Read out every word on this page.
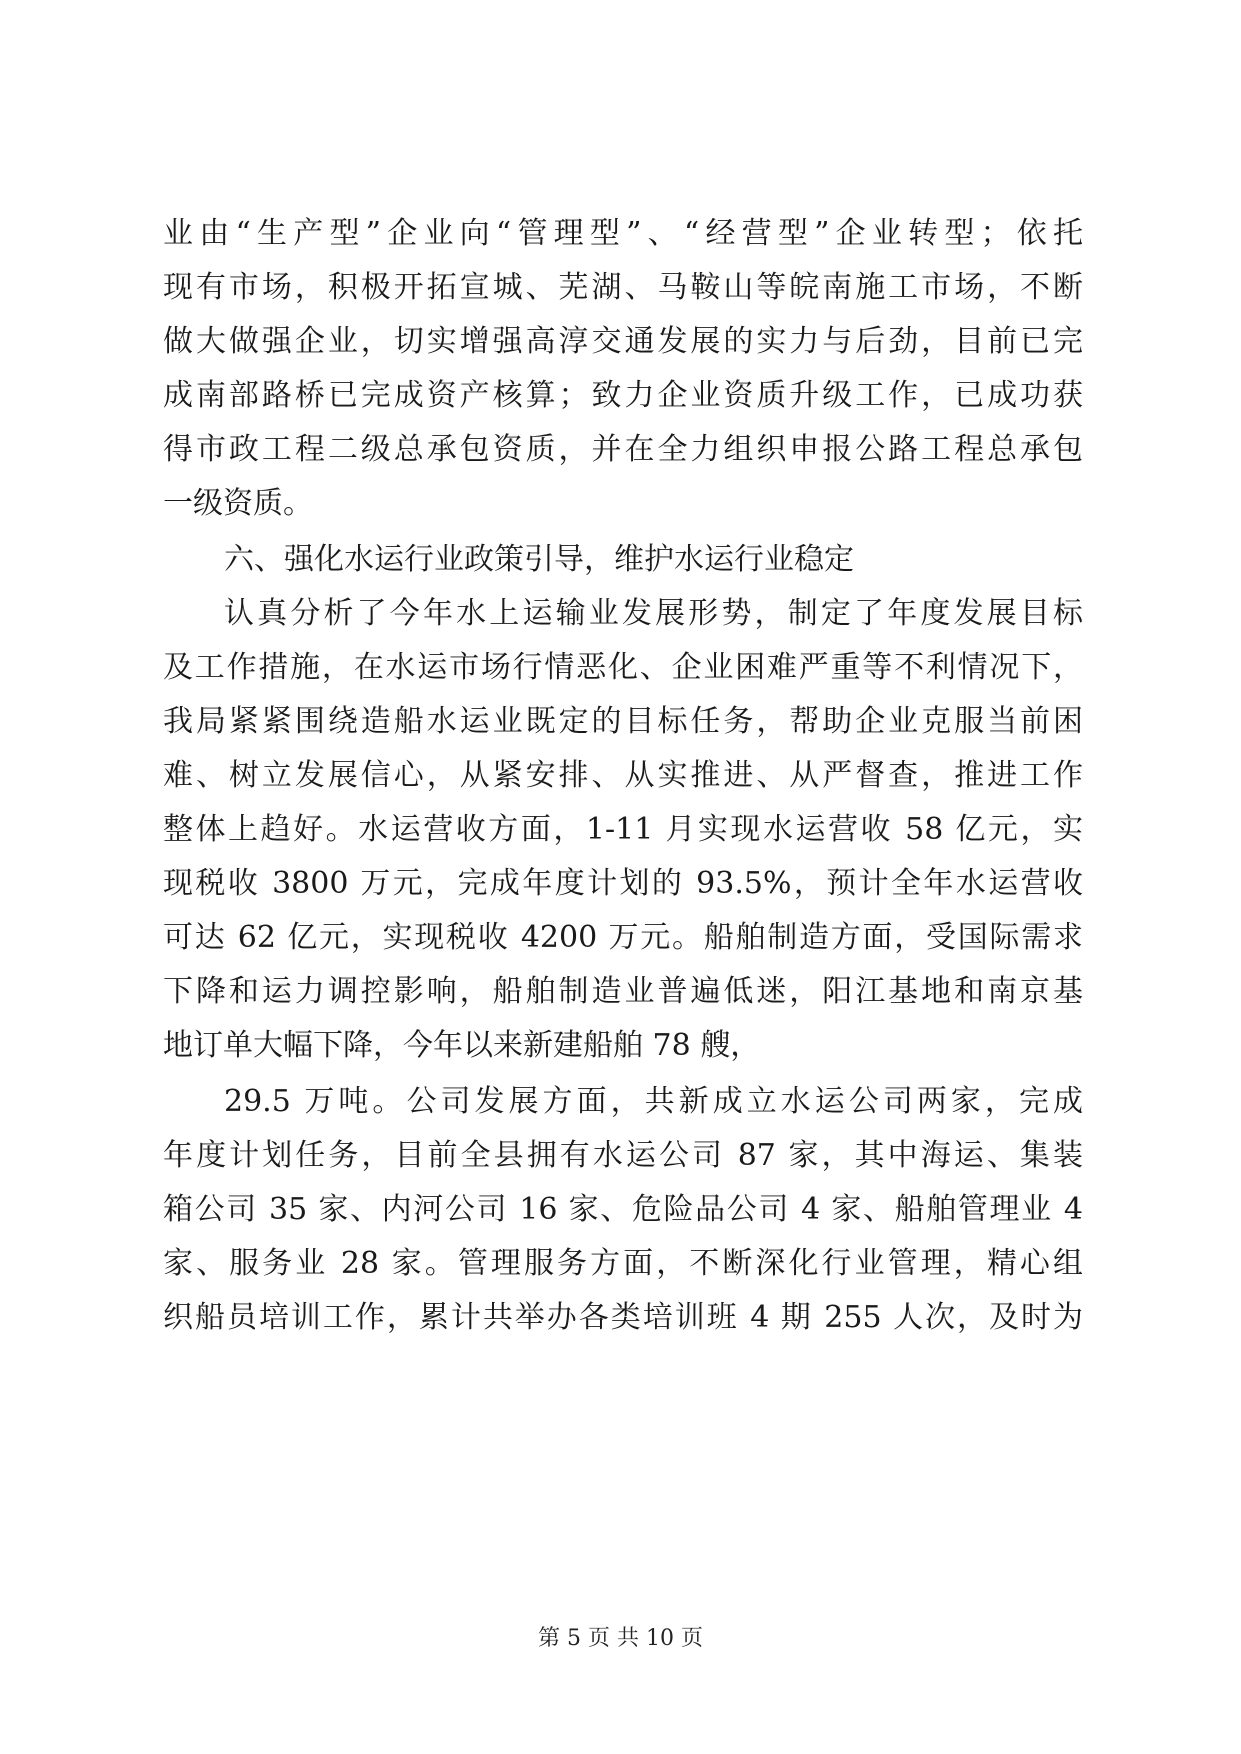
业由“生产型”企业向“管理型”、“经营型”企业转型；依托
现有市场，积极开拓宣城、芜湖、马鞍山等皖南施工市场，不断
做大做强企业，切实增强高淳交通发展的实力与后劲，目前已完
成南部路桥已完成资产核算；致力企业资质升级工作，已成功获
得市政工程二级总承包资质，并在全力组织申报公路工程总承包
一级资质。
六、强化水运行业政策引导，维护水运行业稳定
认真分析了今年水上运输业发展形势，制定了年度发展目标
及工作措施，在水运市场行情恶化、企业困难严重等不利情况下，
我局紧紧围绕造船水运业既定的目标任务，帮助企业克服当前困
难、树立发展信心，从紧安排、从实推进、从严督查，推进工作
整体上趋好。水运营收方面，1-11 月实现水运营收 58 亿元，实
现税收 3800 万元，完成年度计划的 93.5%，预计全年水运营收
可达 62 亿元，实现税收 4200 万元。船舶制造方面，受国际需求
下降和运力调控影响，船舶制造业普遍低迷，阳江基地和南京基
地订单大幅下降，今年以来新建船舶 78 艘，
29.5 万吨。公司发展方面，共新成立水运公司两家，完成
年度计划任务，目前全县拥有水运公司 87 家，其中海运、集装
箱公司 35 家、内河公司 16 家、危险品公司 4 家、船舶管理业 4
家、服务业 28 家。管理服务方面，不断深化行业管理，精心组
织船员培训工作，累计共举办各类培训班 4 期 255 人次，及时为
第 5 页 共 10 页
